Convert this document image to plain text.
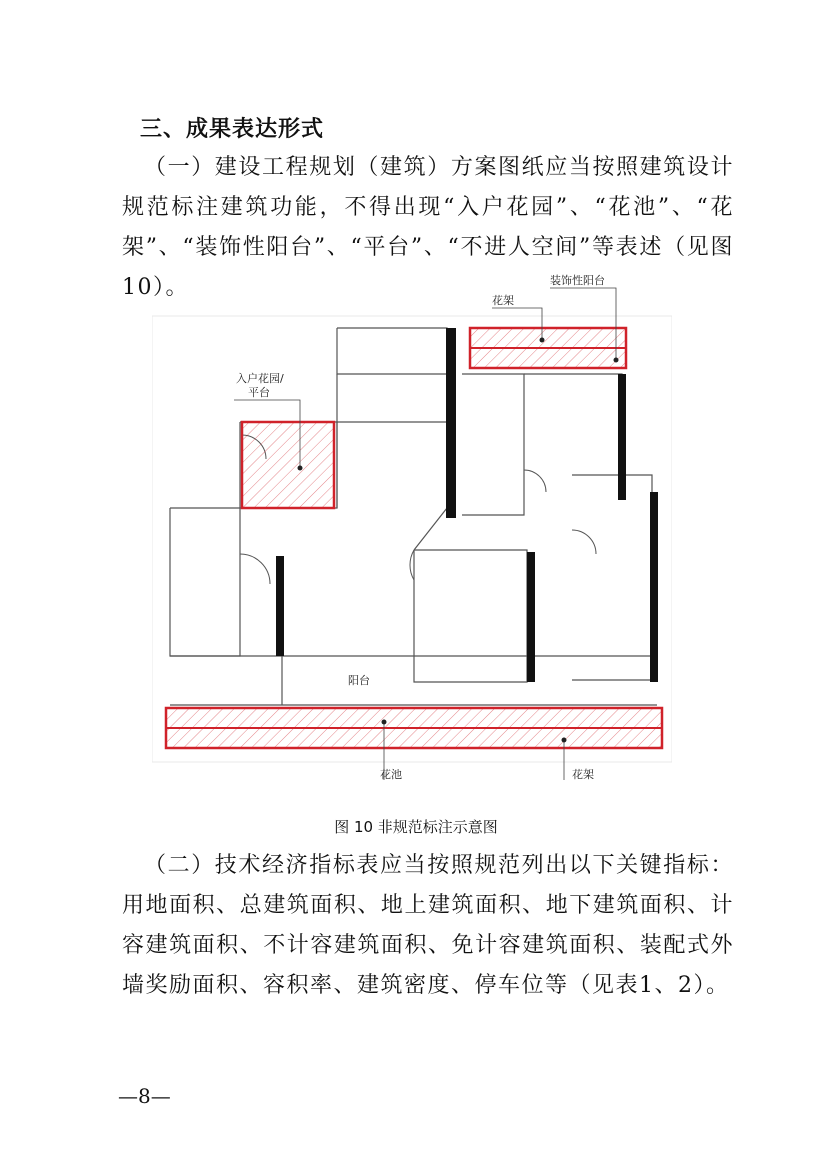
三、成果表达形式
（一）建设工程规划（建筑）方案图纸应当按照建筑设计规范标注建筑功能，不得出现“入户花园”、“花池”、“花架”、“装饰性阳台”、“平台”、“不进人空间”等表述（见图10）。
花架
装饰性阳台
入户花园/
平台
阳台
花池	花架
图 10 非规范标注示意图
（二）技术经济指标表应当按照规范列出以下关键指标：用地面积、总建筑面积、地上建筑面积、地下建筑面积、计容建筑面积、不计容建筑面积、免计容建筑面积、装配式外墙奖励面积、容积率、建筑密度、停车位等（见表1、2）。
—8—
